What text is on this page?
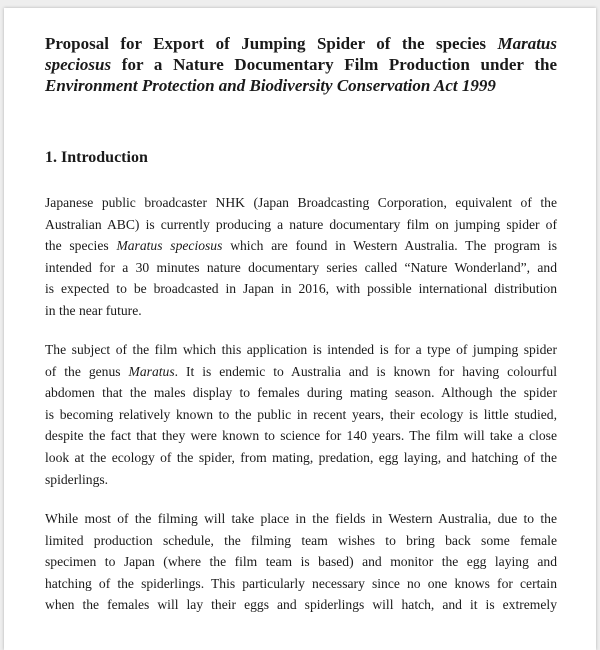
Proposal for Export of Jumping Spider of the species Maratus speciosus for a Nature Documentary Film Production under the Environment Protection and Biodiversity Conservation Act 1999

1. Introduction

Japanese public broadcaster NHK (Japan Broadcasting Corporation, equivalent of the
Australian ABC) is currently producing a nature documentary film on jumping spider of
the species Maratus speciosus which are found in Western Australia. The program is
intended for a 30 minutes nature documentary series called “Nature Wonderland”, and
is expected to be broadcasted in Japan in 2016, with possible international distribution
in the near future.

The subject of the film which this application is intended is for a type of jumping spider
of the genus Maratus. It is endemic to Australia and is known for having colourful
abdomen that the males display to females during mating season. Although the spider
is becoming relatively known to the public in recent years, their ecology is little studied,
despite the fact that they were known to science for 140 years. The film will take a close
look at the ecology of the spider, from mating, predation, egg laying, and hatching of the
spiderlings.

While most of the filming will take place in the fields in Western Australia, due to the
limited production schedule, the filming team wishes to bring back some female
specimen to Japan (where the film team is based) and monitor the egg laying and
hatching of the spiderlings. This particularly necessary since no one knows for certain
when the females will lay their eggs and spiderlings will hatch, and it is extremely
